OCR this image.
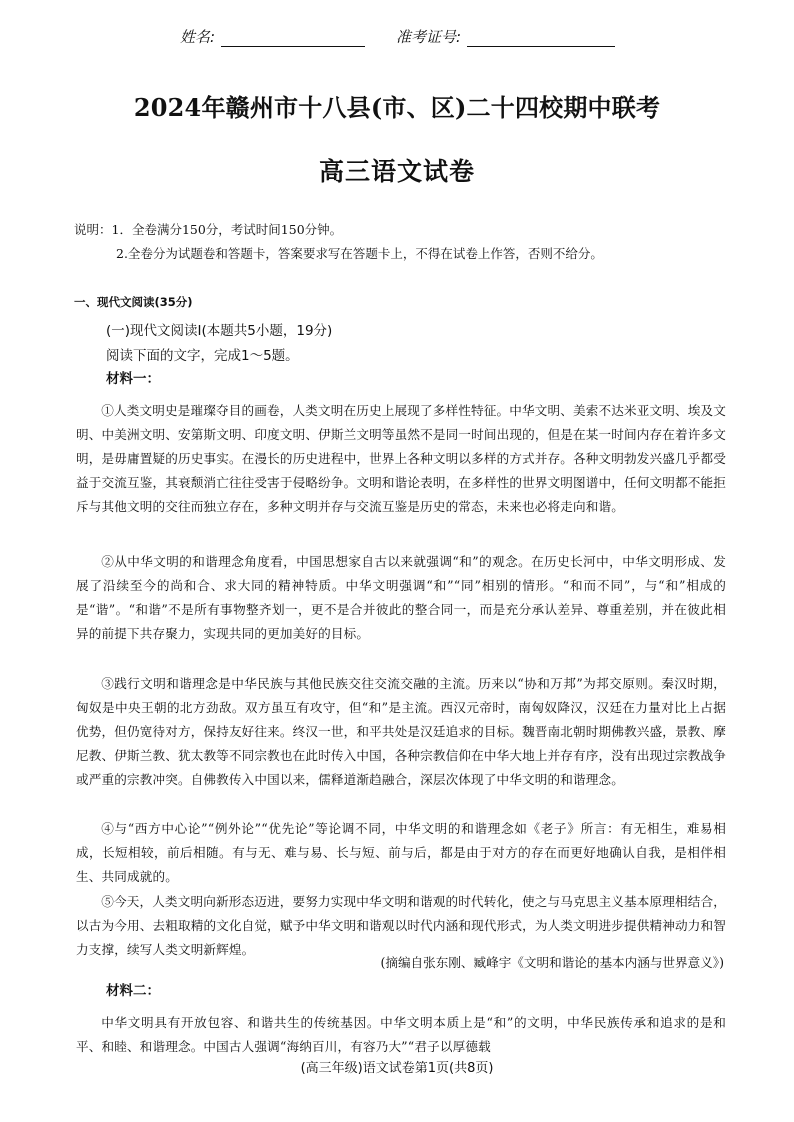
姓名:	准考证号:
2024年赣州市十八县(市、区)二十四校期中联考
高三语文试卷
说明：1．全卷满分150分，考试时间150分钟。
2.全卷分为试题卷和答题卡，答案要求写在答题卡上，不得在试卷上作答，否则不给分。
一、现代文阅读(35分)
(一)现代文阅读Ⅰ(本题共5小题，19分)
阅读下面的文字，完成1～5题。
材料一：

①人类文明史是璀璨夺目的画卷，人类文明在历史上展现了多样性特征。中华文明、美索不达米亚文明、埃及文明、中美洲文明、安第斯文明、印度文明、伊斯兰文明等虽然不是同一时间出现的，但是在某一时间内存在着许多文明，是毋庸置疑的历史事实。在漫长的历史进程中，世界上各种文明以多样的方式并存。各种文明勃发兴盛几乎都受益于交流互鉴，其衰颓消亡往往受害于侵略纷争。文明和谐论表明，在多样性的世界文明图谱中，任何文明都不能拒斥与其他文明的交往而独立存在，多种文明并存与交流互鉴是历史的常态，未来也必将走向和谐。

②从中华文明的和谐理念角度看，中国思想家自古以来就强调“和”的观念。在历史长河中，中华文明形成、发展了沿续至今的尚和合、求大同的精神特质。中华文明强调“和”“同”相别的情形。“和而不同”，与“和”相成的是“谐”。“和谐”不是所有事物整齐划一，更不是合并彼此的整合同一，而是充分承认差异、尊重差别，并在彼此相异的前提下共存聚力，实现共同的更加美好的目标。

③践行文明和谐理念是中华民族与其他民族交往交流交融的主流。历来以“协和万邦”为邦交原则。秦汉时期，匈奴是中央王朝的北方劲敌。双方虽互有攻守，但“和”是主流。西汉元帝时，南匈奴降汉，汉廷在力量对比上占据优势，但仍宽待对方，保持友好往来。终汉一世，和平共处是汉廷追求的目标。魏晋南北朝时期佛教兴盛，景教、摩尼教、伊斯兰教、犹太教等不同宗教也在此时传入中国，各种宗教信仰在中华大地上并存有序，没有出现过宗教战争或严重的宗教冲突。自佛教传入中国以来，儒释道渐趋融合，深层次体现了中华文明的和谐理念。

④与“西方中心论”“例外论”“优先论”等论调不同，中华文明的和谐理念如《老子》所言：有无相生，难易相成，长短相较，前后相随。有与无、难与易、长与短、前与后，都是由于对方的存在而更好地确认自我，是相伴相生、共同成就的。

⑤今天，人类文明向新形态迈进，要努力实现中华文明和谐观的时代转化，使之与马克思主义基本原理相结合，以古为今用、去粗取精的文化自觉，赋予中华文明和谐观以时代内涵和现代形式，为人类文明进步提供精神动力和智力支撑，续写人类文明新辉煌。

(摘编自张东刚、臧峰宇《文明和谐论的基本内涵与世界意义》)
材料二：

中华文明具有开放包容、和谐共生的传统基因。中华文明本质上是“和”的文明，中华民族传承和追求的是和平、和睦、和谐理念。中国古人强调“海纳百川，有容乃大”“君子以厚德载

(高三年级)语文试卷第1页(共8页)
